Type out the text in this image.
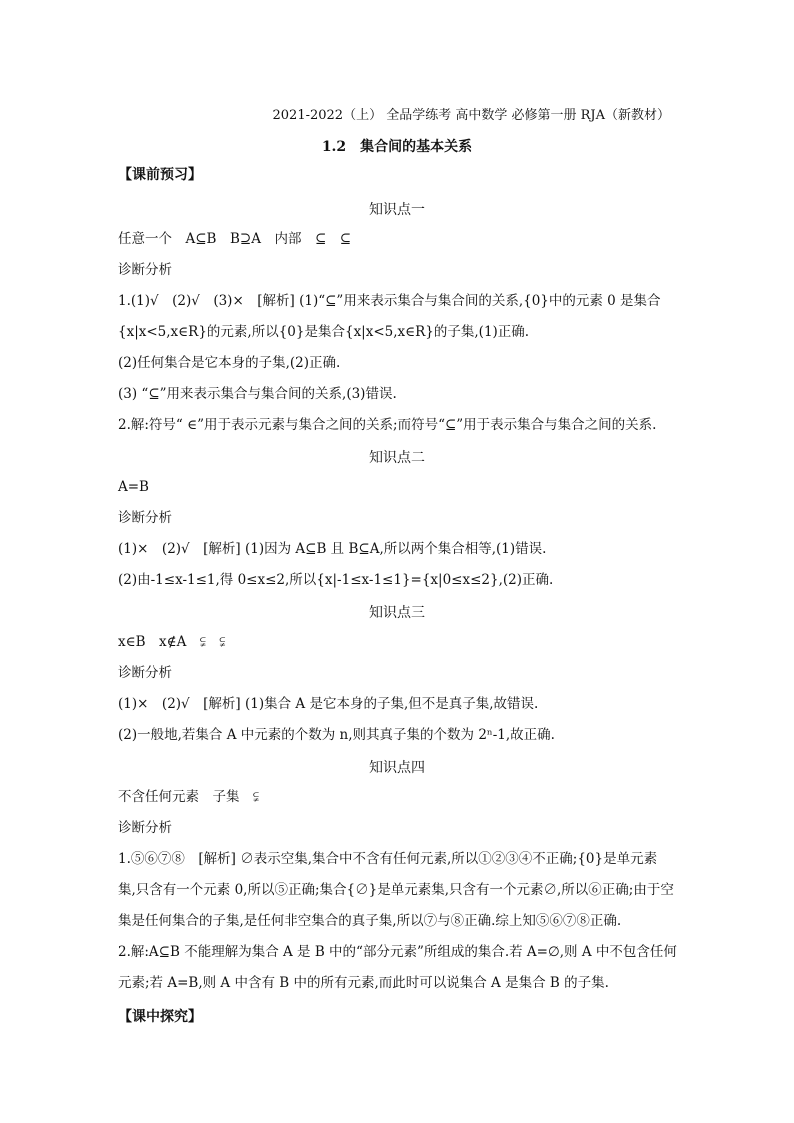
2021-2022（上） 全品学练考 高中数学 必修第一册 RJA（新教材）
1.2　集合间的基本关系
【课前预习】
知识点一
任意一个　A⊆B　B⊇A　内部　⊆　⊆
诊断分析
1.(1)√　(2)√　(3)×　[解析] (1)“⊆”用来表示集合与集合间的关系,{0}中的元素 0 是集合
{x|x<5,x∈R}的元素,所以{0}是集合{x|x<5,x∈R}的子集,(1)正确.
(2)任何集合是它本身的子集,(2)正确.
(3) “⊆”用来表示集合与集合间的关系,(3)错误.
2.解:符号“ ∈”用于表示元素与集合之间的关系;而符号“⊆”用于表示集合与集合之间的关系.
知识点二
A=B
诊断分析
(1)×　(2)√　[解析] (1)因为 A⊆B 且 B⊆A,所以两个集合相等,(1)错误.
(2)由-1≤x-1≤1,得 0≤x≤2,所以{x|-1≤x-1≤1}={x|0≤x≤2},(2)正确.
知识点三
x∈B　x∉A　⫋　⫋
诊断分析
(1)×　(2)√　[解析] (1)集合 A 是它本身的子集,但不是真子集,故错误.
(2)一般地,若集合 A 中元素的个数为 n,则其真子集的个数为 2ⁿ-1,故正确.
知识点四
不含任何元素　子集　⫋
诊断分析
1.⑤⑥⑦⑧　[解析] ∅表示空集,集合中不含有任何元素,所以①②③④不正确;{0}是单元素
集,只含有一个元素 0,所以⑤正确;集合{∅}是单元素集,只含有一个元素∅,所以⑥正确;由于空
集是任何集合的子集,是任何非空集合的真子集,所以⑦与⑧正确.综上知⑤⑥⑦⑧正确.
2.解:A⊆B 不能理解为集合 A 是 B 中的“部分元素”所组成的集合.若 A=∅,则 A 中不包含任何
元素;若 A=B,则 A 中含有 B 中的所有元素,而此时可以说集合 A 是集合 B 的子集.
【课中探究】
